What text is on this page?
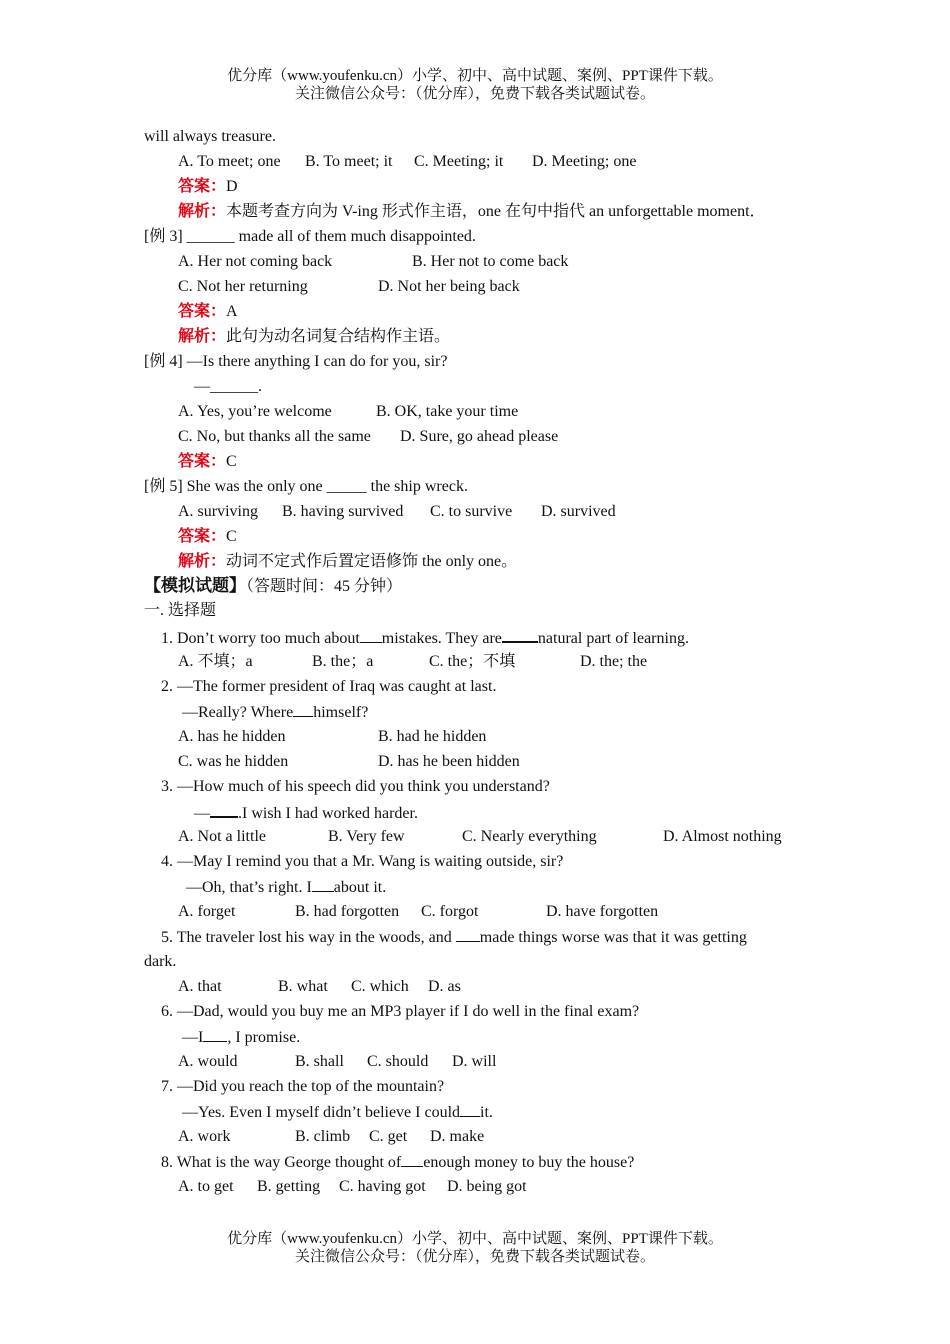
优分库（www.youfenku.cn）小学、初中、高中试题、案例、PPT课件下载。
关注微信公众号：（优分库），免费下载各类试题试卷。
will always treasure.
A. To meet; one B. To meet; it C. Meeting; it D. Meeting; one
答案：D
解析：本题考查方向为 V-ing 形式作主语，one 在句中指代 an unforgettable moment．
[例 3] ______ made all of them much disappointed.
A. Her not coming back	B. Her not to come back
C. Not her returning	D. Not her being back
答案：A
解析：此句为动名词复合结构作主语。
[例 4] —Is there anything I can do for you, sir?
—______.
A. Yes, you’re welcome	B. OK, take your time
C. No, but thanks all the same D. Sure, go ahead please
答案：C
[例 5] She was the only one _____ the ship wreck.
A. surviving B. having survived C. to survive D. survived
答案：C
解析：动词不定式作后置定语修饰 the only one。
【模拟试题】（答题时间：45 分钟）
一. 选择题
1. Don’t worry too much about mistakes. They are natural part of learning.
A. 不填；a	B. the；a	C. the；不填	D. the; the
2. —The former president of Iraq was caught at last.
—Really? Where himself?
A. has he hidden	B. had he hidden
C. was he hidden	D. has he been hidden
3. —How much of his speech did you think you understand?
— .I wish I had worked harder.
A. Not a little	B. Very few	C. Nearly everything	D. Almost nothing
4. —May I remind you that a Mr. Wang is waiting outside, sir?
—Oh, that’s right. I about it.
A. forget	B. had forgotten C. forgot	D. have forgotten
5. The traveler lost his way in the woods, and made things worse was that it was getting
dark.
A. that	B. what C. which D. as
6. —Dad, would you buy me an MP3 player if I do well in the final exam?
—I , I promise.
A. would	B. shall C. should D. will
7. —Did you reach the top of the mountain?
—Yes. Even I myself didn’t believe I could it.
A. work	B. climb C. get D. make
8. What is the way George thought of enough money to buy the house?
A. to get B. getting C. having got D. being got
优分库（www.youfenku.cn）小学、初中、高中试题、案例、PPT课件下载。
关注微信公众号：（优分库），免费下载各类试题试卷。
